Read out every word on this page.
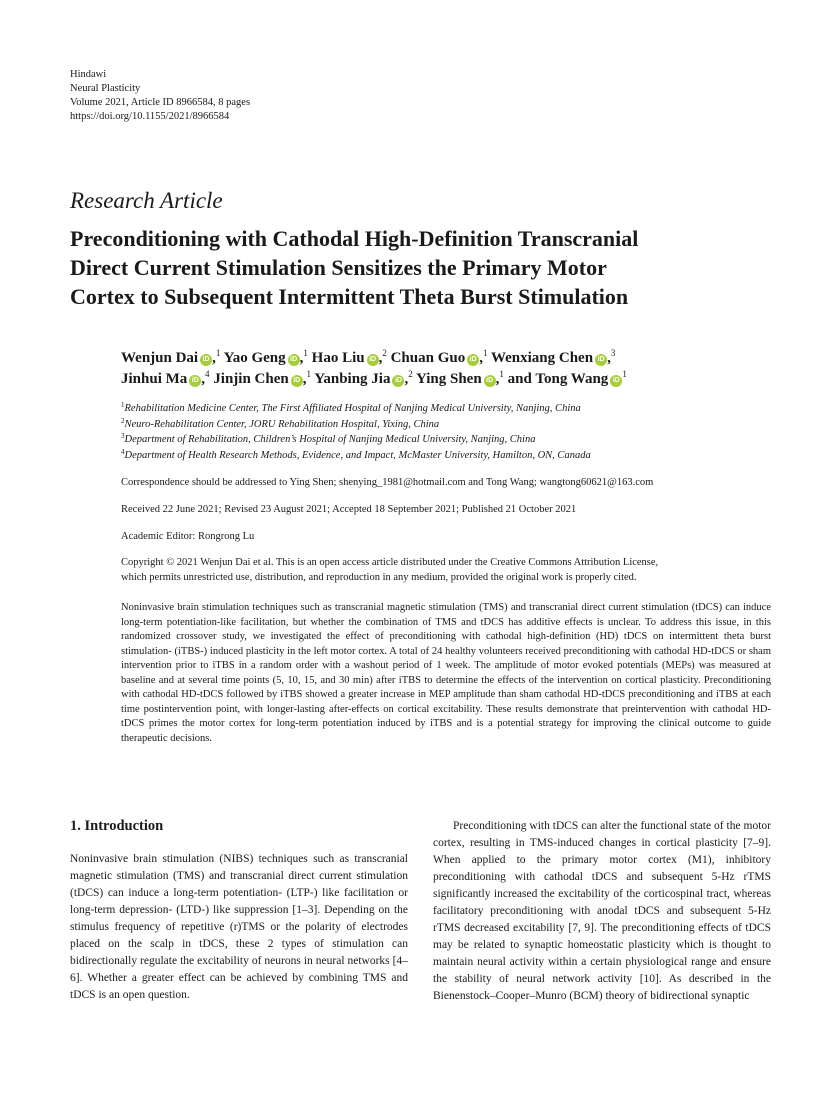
Hindawi
Neural Plasticity
Volume 2021, Article ID 8966584, 8 pages
https://doi.org/10.1155/2021/8966584
Research Article
Preconditioning with Cathodal High-Definition Transcranial
Direct Current Stimulation Sensitizes the Primary Motor
Cortex to Subsequent Intermittent Theta Burst Stimulation
Wenjun Dai iD ,$^1$ Yao Geng iD ,$^1$ Hao Liu iD ,$^2$ Chuan Guo iD ,$^1$ Wenxiang Chen iD ,$^3$
Jinhui Ma iD ,$^4$ Jinjin Chen iD ,$^1$ Yanbing Jia iD ,$^2$ Ying Shen iD ,$^1$ and Tong Wang $iD^1$
$^1$Rehabilitation Medicine Center, The First Affiliated Hospital of Nanjing Medical University, Nanjing, China
$^2$Neuro-Rehabilitation Center, JORU Rehabilitation Hospital, Yixing, China
$^3$Department of Rehabilitation, Children’s Hospital of Nanjing Medical University, Nanjing, China
$^4$Department of Health Research Methods, Evidence, and Impact, McMaster University, Hamilton, ON, Canada
Correspondence should be addressed to Ying Shen; shenying_1981@hotmail.com and Tong Wang; wangtong60621@163.com
Received 22 June 2021; Revised 23 August 2021; Accepted 18 September 2021; Published 21 October 2021
Academic Editor: Rongrong Lu
Copyright © 2021 Wenjun Dai et al. This is an open access article distributed under the Creative Commons Attribution License,
which permits unrestricted use, distribution, and reproduction in any medium, provided the original work is properly cited.
Noninvasive brain stimulation techniques such as transcranial magnetic stimulation (TMS) and transcranial direct current stimulation (tDCS) can induce long-term potentiation-like facilitation, but whether the combination of TMS and tDCS has additive effects is unclear. To address this issue, in this randomized crossover study, we investigated the effect of preconditioning with cathodal high-definition (HD) tDCS on intermittent theta burst stimulation- (iTBS-) induced plasticity in the left motor cortex. A total of 24 healthy volunteers received preconditioning with cathodal HD-tDCS or sham intervention prior to iTBS in a random order with a washout period of 1 week. The amplitude of motor evoked potentials (MEPs) was measured at baseline and at several time points (5, 10, 15, and 30 min) after iTBS to determine the effects of the intervention on cortical plasticity. Preconditioning with cathodal HD-tDCS followed by iTBS showed a greater increase in MEP amplitude than sham cathodal HD-tDCS preconditioning and iTBS at each time postintervention point, with longer-lasting after-effects on cortical excitability. These results demonstrate that preintervention with cathodal HD-tDCS primes the motor cortex for long-term potentiation induced by iTBS and is a potential strategy for improving the clinical outcome to guide therapeutic decisions.
1. Introduction

Noninvasive brain stimulation (NIBS) techniques such as transcranial magnetic stimulation (TMS) and transcranial direct current stimulation (tDCS) can induce a long-term potentiation- (LTP-) like facilitation or long-term depression- (LTD-) like suppression [1–3]. Depending on the stimulus frequency of repetitive (r)TMS or the polarity of electrodes placed on the scalp in tDCS, these 2 types of stimulation can bidirectionally regulate the excitability of neurons in neural networks [4–6]. Whether a greater effect can be achieved by combining TMS and tDCS is an open question.

Preconditioning with tDCS can alter the functional state of the motor cortex, resulting in TMS-induced changes in cortical plasticity [7–9]. When applied to the primary motor cortex (M1), inhibitory preconditioning with cathodal tDCS and subsequent 5-Hz rTMS significantly increased the excitability of the corticospinal tract, whereas facilitatory preconditioning with anodal tDCS and subsequent 5-Hz rTMS decreased excitability [7, 9]. The preconditioning effects of tDCS may be related to synaptic homeostatic plasticity which is thought to maintain neural activity within a certain physiological range and ensure the stability of neural network activity [10]. As described in the Bienenstock–Cooper–Munro (BCM) theory of bidirectional synaptic
